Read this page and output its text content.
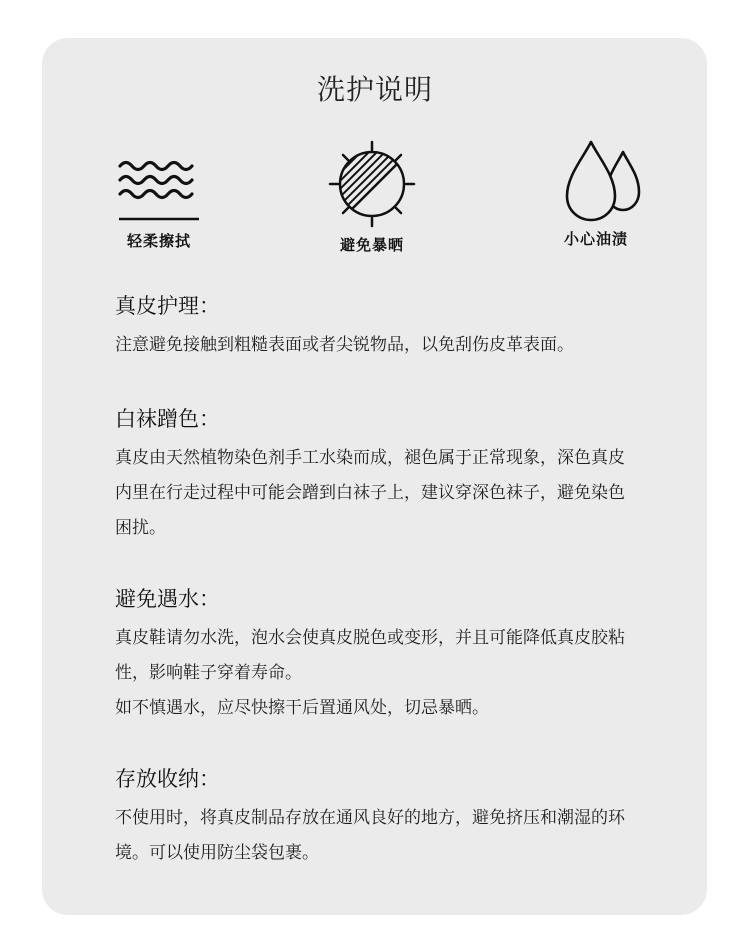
洗护说明
轻柔擦拭	避免暴晒	小心油渍
真皮护理：

注意避免接触到粗糙表面或者尖锐物品，以免刮伤皮革表面。

白袜蹭色：

真皮由天然植物染色剂手工水染而成，褪色属于正常现象，深色真皮内里在行走过程中可能会蹭到白袜子上，建议穿深色袜子，避免染色困扰。

避免遇水：

真皮鞋请勿水洗，泡水会使真皮脱色或变形，并且可能降低真皮胶粘性，影响鞋子穿着寿命。

如不慎遇水，应尽快擦干后置通风处，切忌暴晒。

存放收纳：

不使用时，将真皮制品存放在通风良好的地方，避免挤压和潮湿的环境。可以使用防尘袋包裹。
